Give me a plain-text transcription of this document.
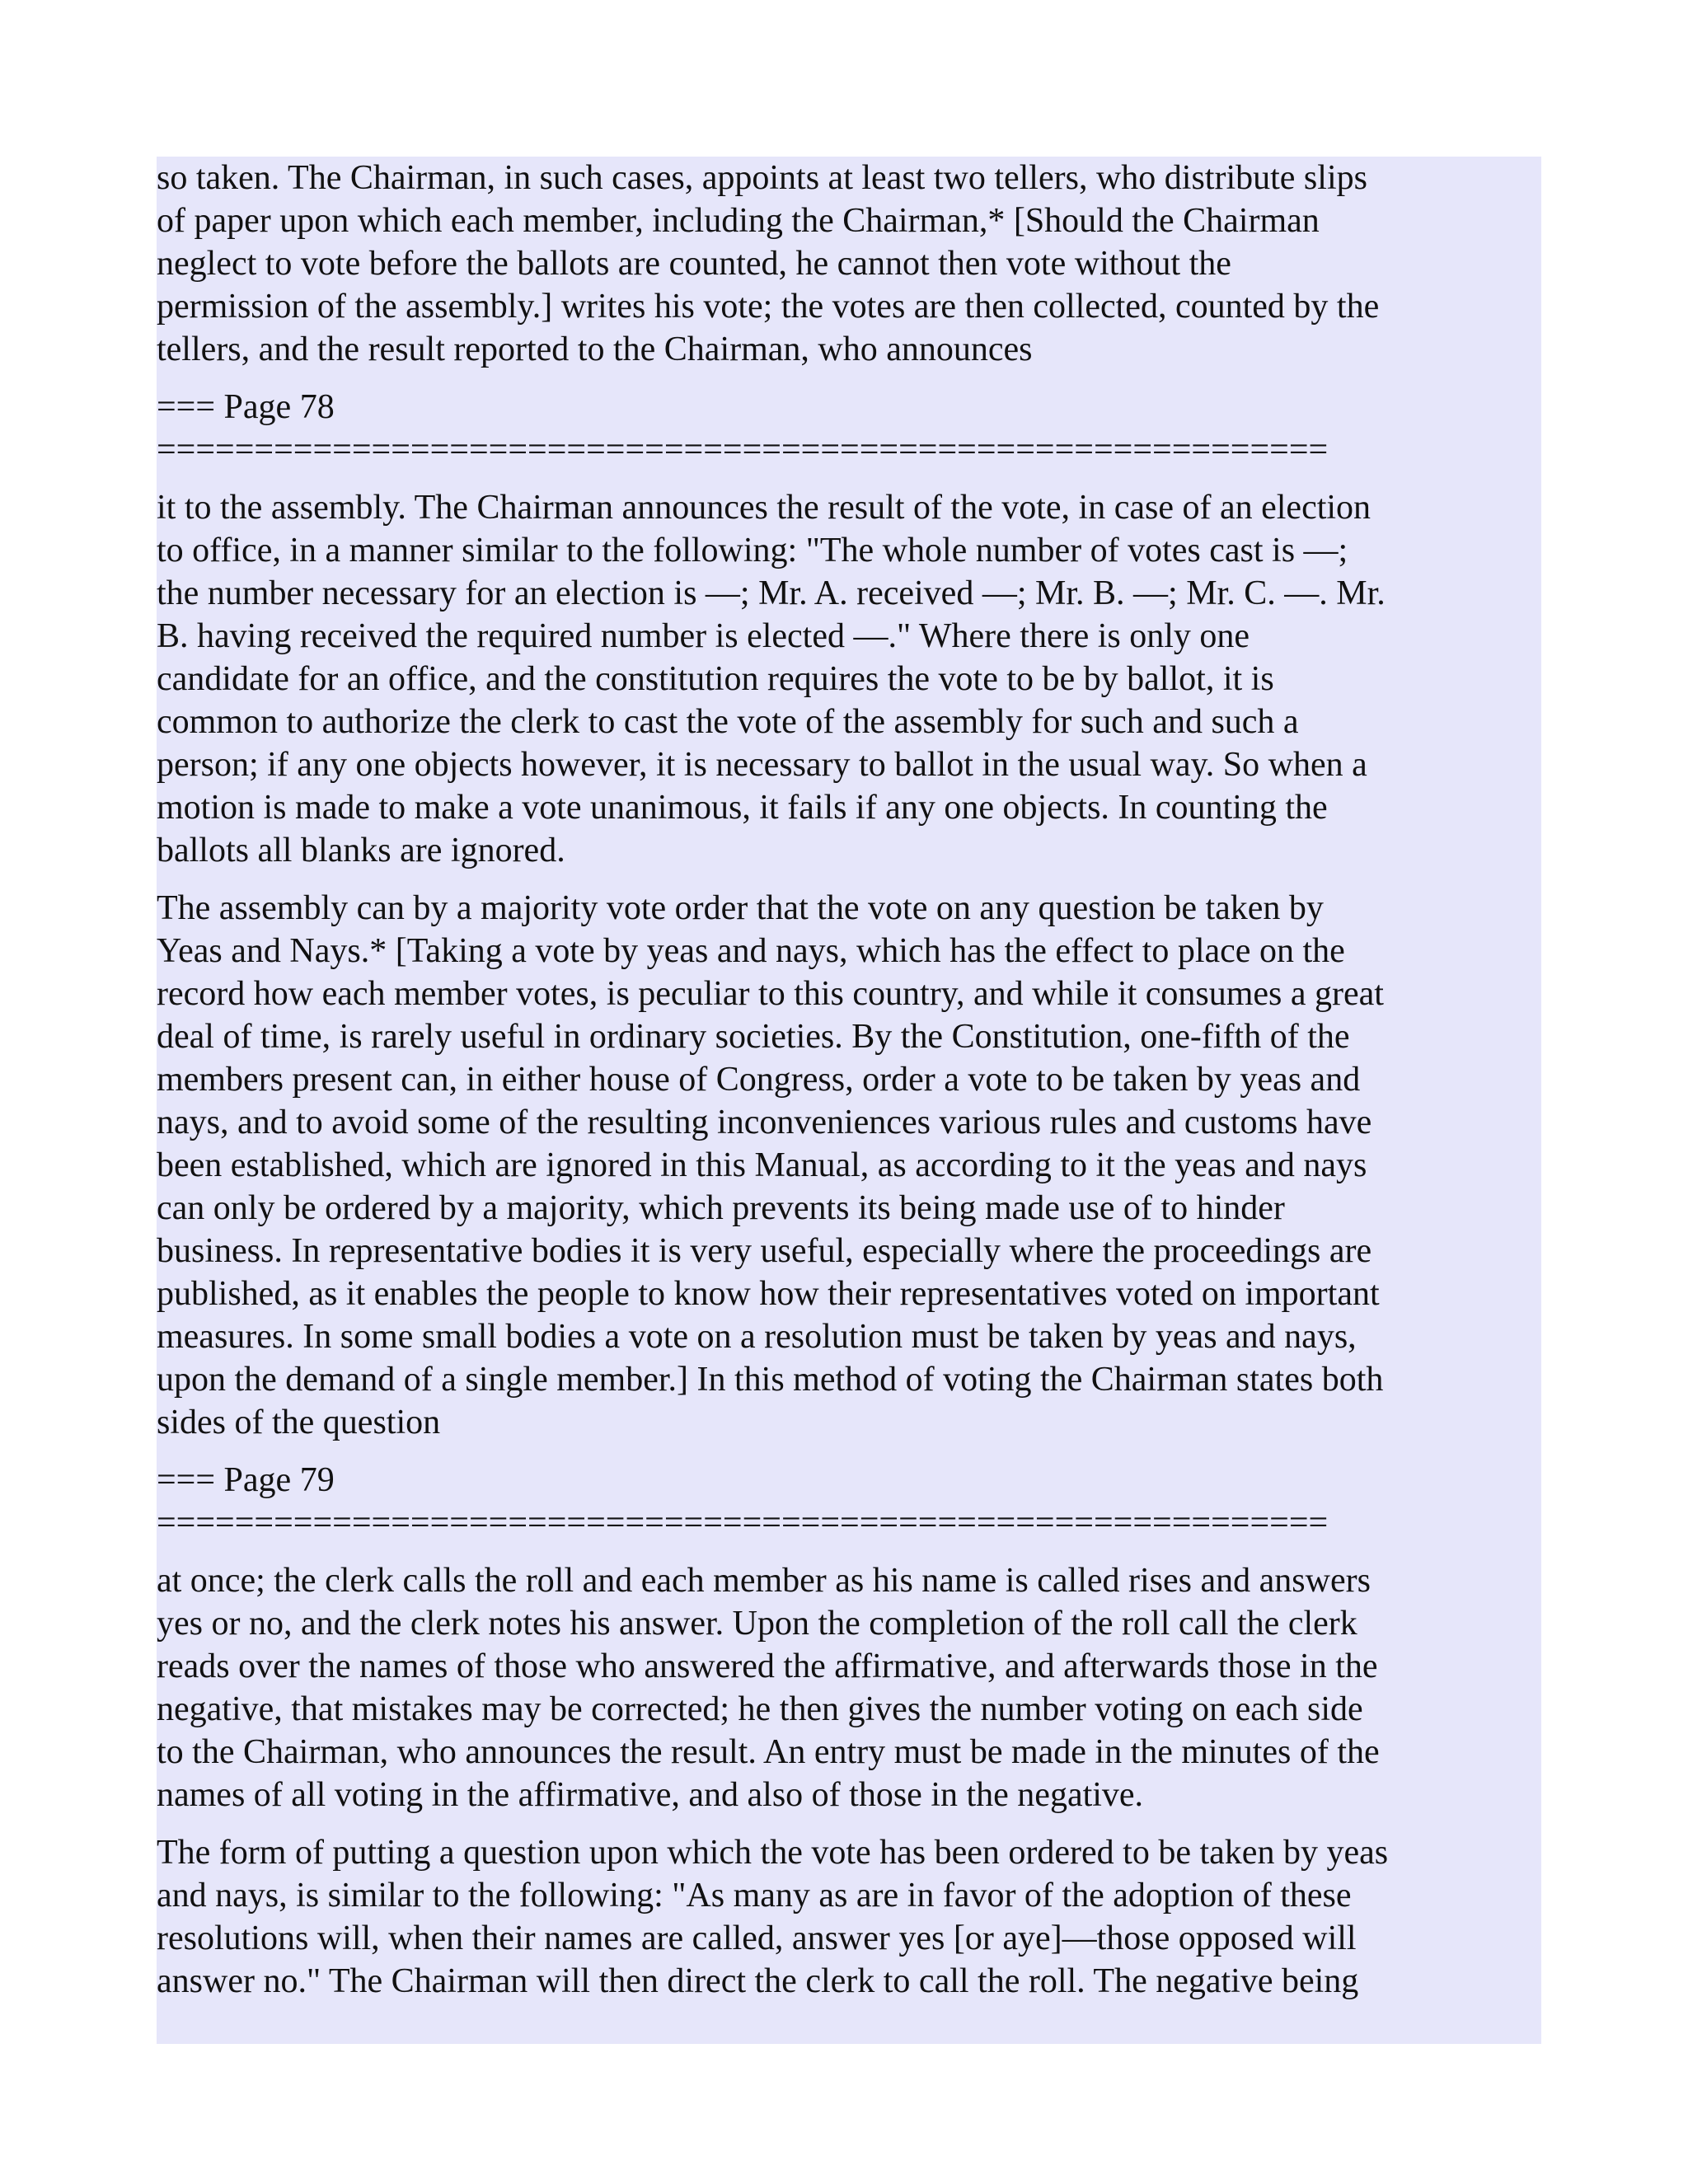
so taken. The Chairman, in such cases, appoints at least two tellers, who distribute slips
of paper upon which each member, including the Chairman,* [Should the Chairman
neglect to vote before the ballots are counted, he cannot then vote without the
permission of the assembly.] writes his vote; the votes are then collected, counted by the
tellers, and the result reported to the Chairman, who announces

=== Page 78
============================================================

it to the assembly. The Chairman announces the result of the vote, in case of an election
to office, in a manner similar to the following: "The whole number of votes cast is —;
the number necessary for an election is —; Mr. A. received —; Mr. B. —; Mr. C. —. Mr.
B. having received the required number is elected —." Where there is only one
candidate for an office, and the constitution requires the vote to be by ballot, it is
common to authorize the clerk to cast the vote of the assembly for such and such a
person; if any one objects however, it is necessary to ballot in the usual way. So when a
motion is made to make a vote unanimous, it fails if any one objects. In counting the
ballots all blanks are ignored.

The assembly can by a majority vote order that the vote on any question be taken by
Yeas and Nays.* [Taking a vote by yeas and nays, which has the effect to place on the
record how each member votes, is peculiar to this country, and while it consumes a great
deal of time, is rarely useful in ordinary societies. By the Constitution, one-fifth of the
members present can, in either house of Congress, order a vote to be taken by yeas and
nays, and to avoid some of the resulting inconveniences various rules and customs have
been established, which are ignored in this Manual, as according to it the yeas and nays
can only be ordered by a majority, which prevents its being made use of to hinder
business. In representative bodies it is very useful, especially where the proceedings are
published, as it enables the people to know how their representatives voted on important
measures. In some small bodies a vote on a resolution must be taken by yeas and nays,
upon the demand of a single member.] In this method of voting the Chairman states both
sides of the question

=== Page 79
============================================================

at once; the clerk calls the roll and each member as his name is called rises and answers
yes or no, and the clerk notes his answer. Upon the completion of the roll call the clerk
reads over the names of those who answered the affirmative, and afterwards those in the
negative, that mistakes may be corrected; he then gives the number voting on each side
to the Chairman, who announces the result. An entry must be made in the minutes of the
names of all voting in the affirmative, and also of those in the negative.

The form of putting a question upon which the vote has been ordered to be taken by yeas
and nays, is similar to the following: "As many as are in favor of the adoption of these
resolutions will, when their names are called, answer yes [or aye]—those opposed will
answer no." The Chairman will then direct the clerk to call the roll. The negative being
